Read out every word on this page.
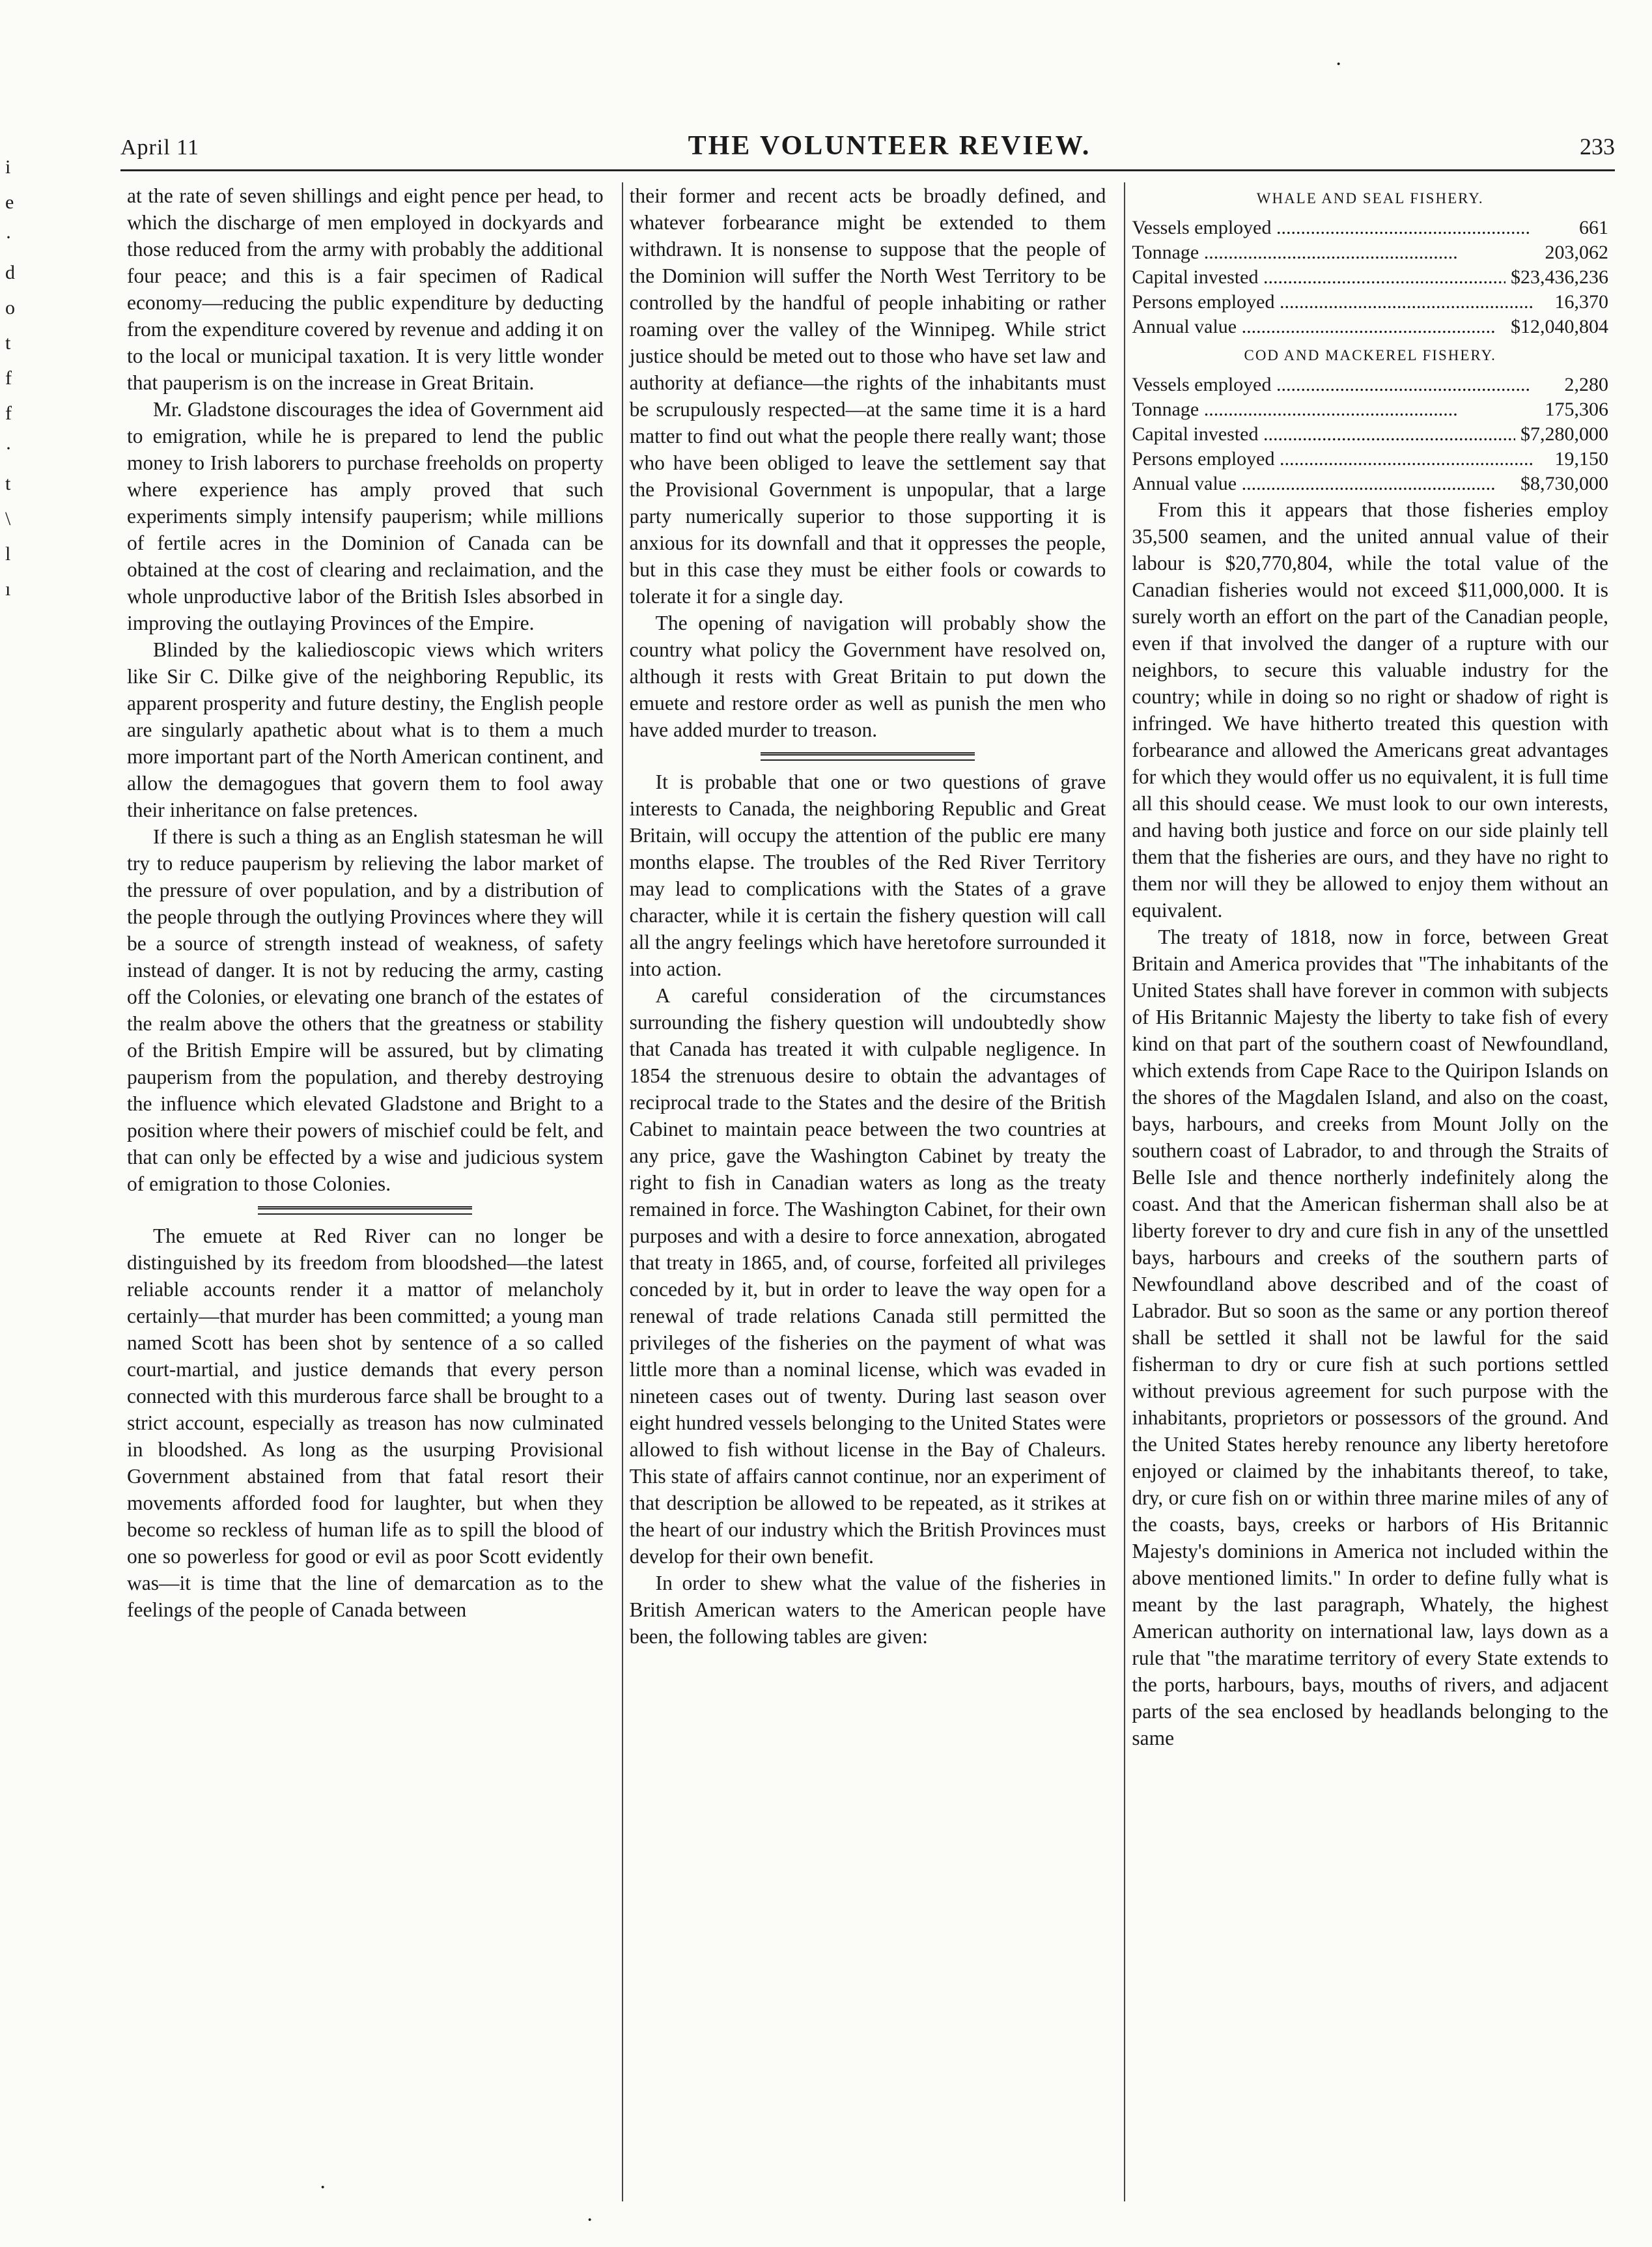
i
e
·
d
o
t
f
f
·
t
\
l
ı
April 11	THE VOLUNTEER REVIEW.	233

at the rate of seven shillings and eight pence per head, to which the discharge of men employed in dockyards and those reduced from the army with probably the additional four peace; and this is a fair specimen of Radical economy—reducing the public expenditure by deducting from the expenditure covered by revenue and adding it on to the local or municipal taxation. It is very little wonder that pauperism is on the increase in Great Britain.

Mr. Gladstone discourages the idea of Government aid to emigration, while he is prepared to lend the public money to Irish laborers to purchase freeholds on property where experience has amply proved that such experiments simply intensify pauperism; while millions of fertile acres in the Dominion of Canada can be obtained at the cost of clearing and reclaimation, and the whole unproductive labor of the British Isles absorbed in improving the outlaying Provinces of the Empire.

Blinded by the kaliedioscopic views which writers like Sir C. Dilke give of the neighboring Republic, its apparent prosperity and future destiny, the English people are singularly apathetic about what is to them a much more important part of the North American continent, and allow the demagogues that govern them to fool away their inheritance on false pretences.

If there is such a thing as an English statesman he will try to reduce pauperism by relieving the labor market of the pressure of over population, and by a distribution of the people through the outlying Provinces where they will be a source of strength instead of weakness, of safety instead of danger. It is not by reducing the army, casting off the Colonies, or elevating one branch of the estates of the realm above the others that the greatness or stability of the British Empire will be assured, but by climating pauperism from the population, and thereby destroying the influence which elevated Gladstone and Bright to a position where their powers of mischief could be felt, and that can only be effected by a wise and judicious system of emigration to those Colonies.

The emuete at Red River can no longer be distinguished by its freedom from bloodshed—the latest reliable accounts render it a mattor of melancholy certainly—that murder has been committed; a young man named Scott has been shot by sentence of a so called court-martial, and justice demands that every person connected with this murderous farce shall be brought to a strict account, especially as treason has now culminated in bloodshed. As long as the usurping Provisional Government abstained from that fatal resort their movements afforded food for laughter, but when they become so reckless of human life as to spill the blood of one so powerless for good or evil as poor Scott evidently was—it is time that the line of demarcation as to the feelings of the people of Canada between

their former and recent acts be broadly defined, and whatever forbearance might be extended to them withdrawn. It is nonsense to suppose that the people of the Dominion will suffer the North West Territory to be controlled by the handful of people inhabiting or rather roaming over the valley of the Winnipeg. While strict justice should be meted out to those who have set law and authority at defiance—the rights of the inhabitants must be scrupulously respected—at the same time it is a hard matter to find out what the people there really want; those who have been obliged to leave the settlement say that the Provisional Government is unpopular, that a large party numerically superior to those supporting it is anxious for its downfall and that it oppresses the people, but in this case they must be either fools or cowards to tolerate it for a single day.

The opening of navigation will probably show the country what policy the Government have resolved on, although it rests with Great Britain to put down the emuete and restore order as well as punish the men who have added murder to treason.

It is probable that one or two questions of grave interests to Canada, the neighboring Republic and Great Britain, will occupy the attention of the public ere many months elapse. The troubles of the Red River Territory may lead to complications with the States of a grave character, while it is certain the fishery question will call all the angry feelings which have heretofore surrounded it into action.

A careful consideration of the circumstances surrounding the fishery question will undoubtedly show that Canada has treated it with culpable negligence. In 1854 the strenuous desire to obtain the advantages of reciprocal trade to the States and the desire of the British Cabinet to maintain peace between the two countries at any price, gave the Washington Cabinet by treaty the right to fish in Canadian waters as long as the treaty remained in force. The Washington Cabinet, for their own purposes and with a desire to force annexation, abrogated that treaty in 1865, and, of course, forfeited all privileges conceded by it, but in order to leave the way open for a renewal of trade relations Canada still permitted the privileges of the fisheries on the payment of what was little more than a nominal license, which was evaded in nineteen cases out of twenty. During last season over eight hundred vessels belonging to the United States were allowed to fish without license in the Bay of Chaleurs. This state of affairs cannot continue, nor an experiment of that description be allowed to be repeated, as it strikes at the heart of our industry which the British Provinces must develop for their own benefit.

In order to shew what the value of the fisheries in British American waters to the American people have been, the following tables are given:

WHALE AND SEAL FISHERY.
Vessels employed .....	661
Tonnage .....	203,062
Capital invested .....	$23,436,236
Persons employed .....	16,370
Annual value .....	$12,040,804
COD AND MACKEREL FISHERY.
Vessels employed .....	2,280
Tonnage .....	175,306
Capital invested .....	$7,280,000
Persons employed .....	19,150
Annual value .....	$8,730,000

From this it appears that those fisheries employ 35,500 seamen, and the united annual value of their labour is $20,770,804, while the total value of the Canadian fisheries would not exceed $11,000,000. It is surely worth an effort on the part of the Canadian people, even if that involved the danger of a rupture with our neighbors, to secure this valuable industry for the country; while in doing so no right or shadow of right is infringed. We have hitherto treated this question with forbearance and allowed the Americans great advantages for which they would offer us no equivalent, it is full time all this should cease. We must look to our own interests, and having both justice and force on our side plainly tell them that the fisheries are ours, and they have no right to them nor will they be allowed to enjoy them without an equivalent.

The treaty of 1818, now in force, between Great Britain and America provides that "The inhabitants of the United States shall have forever in common with subjects of His Britannic Majesty the liberty to take fish of every kind on that part of the southern coast of Newfoundland, which extends from Cape Race to the Quiripon Islands on the shores of the Magdalen Island, and also on the coast, bays, harbours, and creeks from Mount Jolly on the southern coast of Labrador, to and through the Straits of Belle Isle and thence northerly indefinitely along the coast. And that the American fisherman shall also be at liberty forever to dry and cure fish in any of the unsettled bays, harbours and creeks of the southern parts of Newfoundland above described and of the coast of Labrador. But so soon as the same or any portion thereof shall be settled it shall not be lawful for the said fisherman to dry or cure fish at such portions settled without previous agreement for such purpose with the inhabitants, proprietors or possessors of the ground. And the United States hereby renounce any liberty heretofore enjoyed or claimed by the inhabitants thereof, to take, dry, or cure fish on or within three marine miles of any of the coasts, bays, creeks or harbors of His Britannic Majesty's dominions in America not included within the above mentioned limits." In order to define fully what is meant by the last paragraph, Whately, the highest American authority on international law, lays down as a rule that "the maratime territory of every State extends to the ports, harbours, bays, mouths of rivers, and adjacent parts of the sea enclosed by headlands belonging to the same

·
·
·
